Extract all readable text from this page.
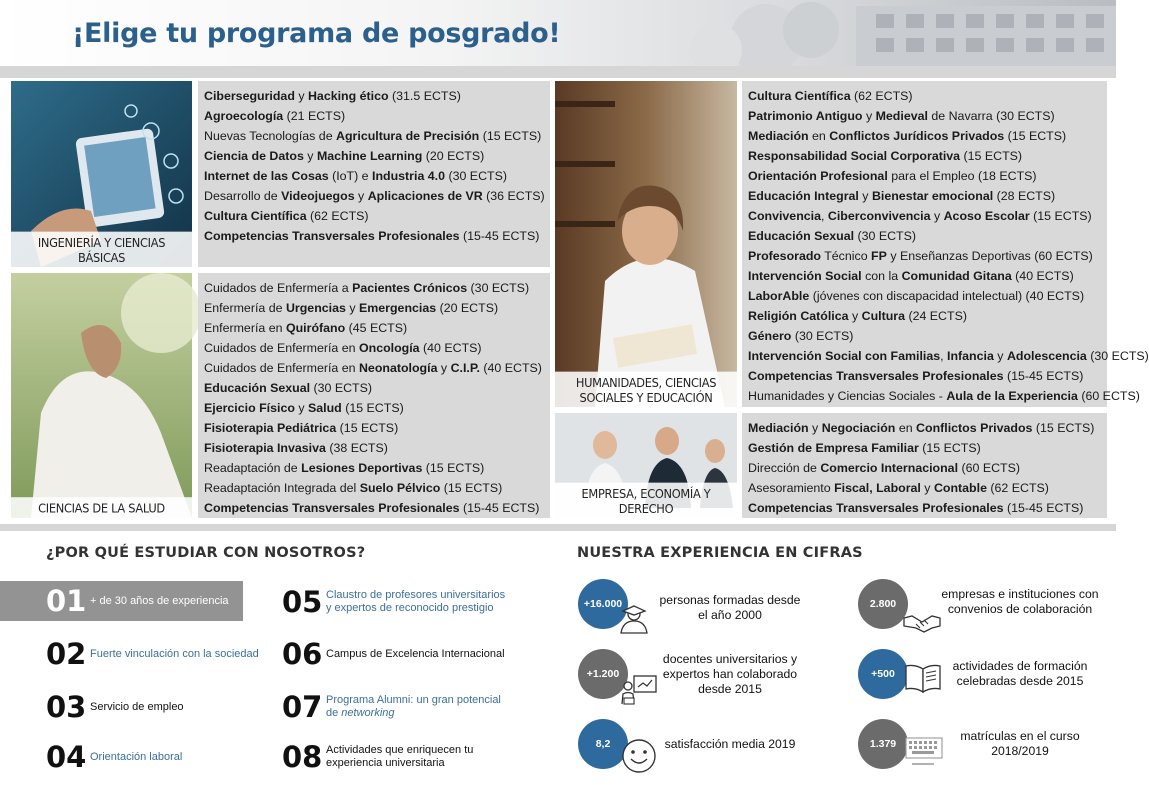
¡Elige tu programa de posgrado!
INGENIERÍA Y CIENCIAS BÁSICAS
Ciberseguridad y Hacking ético (31.5 ECTS)
Agroecología (21 ECTS)
Nuevas Tecnologías de Agricultura de Precisión (15 ECTS)
Ciencia de Datos y Machine Learning (20 ECTS)
Internet de las Cosas (IoT) e Industria 4.0 (30 ECTS)
Desarrollo de Videojuegos y Aplicaciones de VR (36 ECTS)
Cultura Científica (62 ECTS)
Competencias Transversales Profesionales (15-45 ECTS)
CIENCIAS DE LA SALUD
Cuidados de Enfermería a Pacientes Crónicos (30 ECTS)
Enfermería de Urgencias y Emergencias (20 ECTS)
Enfermería en Quirófano (45 ECTS)
Cuidados de Enfermería en Oncología (40 ECTS)
Cuidados de Enfermería en Neonatología y C.I.P. (40 ECTS)
Educación Sexual (30 ECTS)
Ejercicio Físico y Salud (15 ECTS)
Fisioterapia Pediátrica (15 ECTS)
Fisioterapia Invasiva (38 ECTS)
Readaptación de Lesiones Deportivas (15 ECTS)
Readaptación Integrada del Suelo Pélvico (15 ECTS)
Competencias Transversales Profesionales (15-45 ECTS)
HUMANIDADES, CIENCIAS
SOCIALES Y EDUCACIÓN
Cultura Científica (62 ECTS)
Patrimonio Antiguo y Medieval de Navarra (30 ECTS)
Mediación en Conflictos Jurídicos Privados (15 ECTS)
Responsabilidad Social Corporativa (15 ECTS)
Orientación Profesional para el Empleo (18 ECTS)
Educación Integral y Bienestar emocional (28 ECTS)
Convivencia, Ciberconvivencia y Acoso Escolar (15 ECTS)
Educación Sexual (30 ECTS)
Profesorado Técnico FP y Enseñanzas Deportivas (60 ECTS)
Intervención Social con la Comunidad Gitana (40 ECTS)
LaborAble (jóvenes con discapacidad intelectual) (40 ECTS)
Religión Católica y Cultura (24 ECTS)
Género (30 ECTS)
Intervención Social con Familias, Infancia y Adolescencia (30 ECTS)
Competencias Transversales Profesionales (15-45 ECTS)
Humanidades y Ciencias Sociales - Aula de la Experiencia (60 ECTS)
EMPRESA, ECONOMÍA Y DERECHO
Mediación y Negociación en Conflictos Privados (15 ECTS)
Gestión de Empresa Familiar (15 ECTS)
Dirección de Comercio Internacional (60 ECTS)
Asesoramiento Fiscal, Laboral y Contable (62 ECTS)
Competencias Transversales Profesionales (15-45 ECTS)
¿POR QUÉ ESTUDIAR CON NOSOTROS?
01 + de 30 años de experiencia
02 Fuerte vinculación con la sociedad
03 Servicio de empleo
04 Orientación laboral
05 Claustro de profesores universitarios
y expertos de reconocido prestigio
06 Campus de Excelencia Internacional
07 Programa Alumni: un gran potencial
de networking
08 Actividades que enriquecen tu
experiencia universitaria
NUESTRA EXPERIENCIA EN CIFRAS
+16.000	personas formadas desde
el año 2000
2.800
empresas e instituciones con
convenios de colaboración
+1.200
docentes universitarios y
expertos han colaborado
desde 2015
+500
actividades de formación
celebradas desde 2015
8,2	satisfacción media 2019	1.379
matrículas en el curso
2018/2019
